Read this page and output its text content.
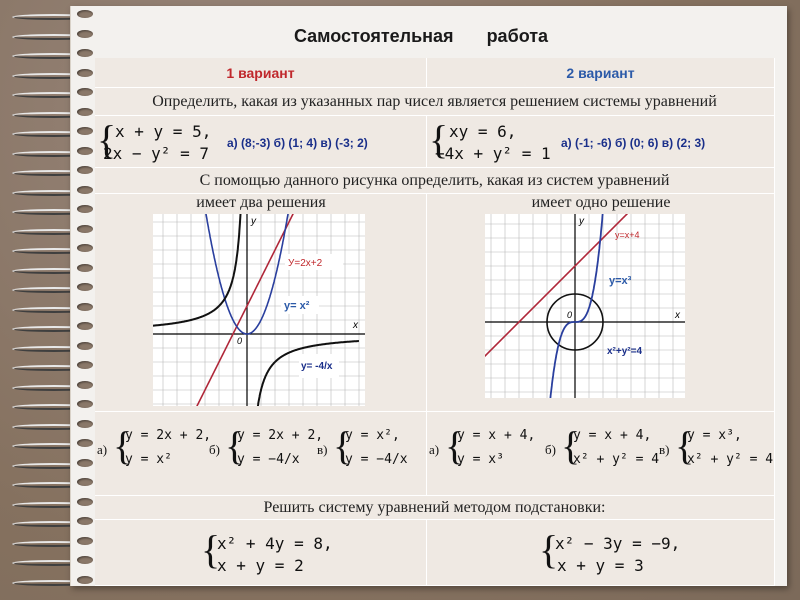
Самостоятельная работа
1 вариант	2 вариант
Определить, какая из указанных пар чисел является решением системы уравнений
{
x + y = 5,
2x − y² = 7
а) (8;-3) б) (1; 4) в) (-3; 2) { xy = 6,
−4x + y² = 1
а) (-1; -6) б) (0; 6) в) (2; 3)
С помощью данного рисунка определить, какая из систем уравнений
имеет два решения
У=2х+2
y= x²
y= -4/x
x
y
0
имеет одно решение
y=x+4
y=x³
x²+y²=4
x
y
0
а) {
y = 2x + 2,
y = x²
б) {
y = 2x + 2,
y = −4/x
в) {
y = x²,
y = −4/x
а) {
y = x + 4,
y = x³
б) {
y = x + 4,
x² + y² = 4
в) {
y = x³,
x² + y² = 4
Решить систему уравнений методом подстановки:
{
x² + 4y = 8,
x + y = 2	{
x² − 3y = −9,
x + y = 3
